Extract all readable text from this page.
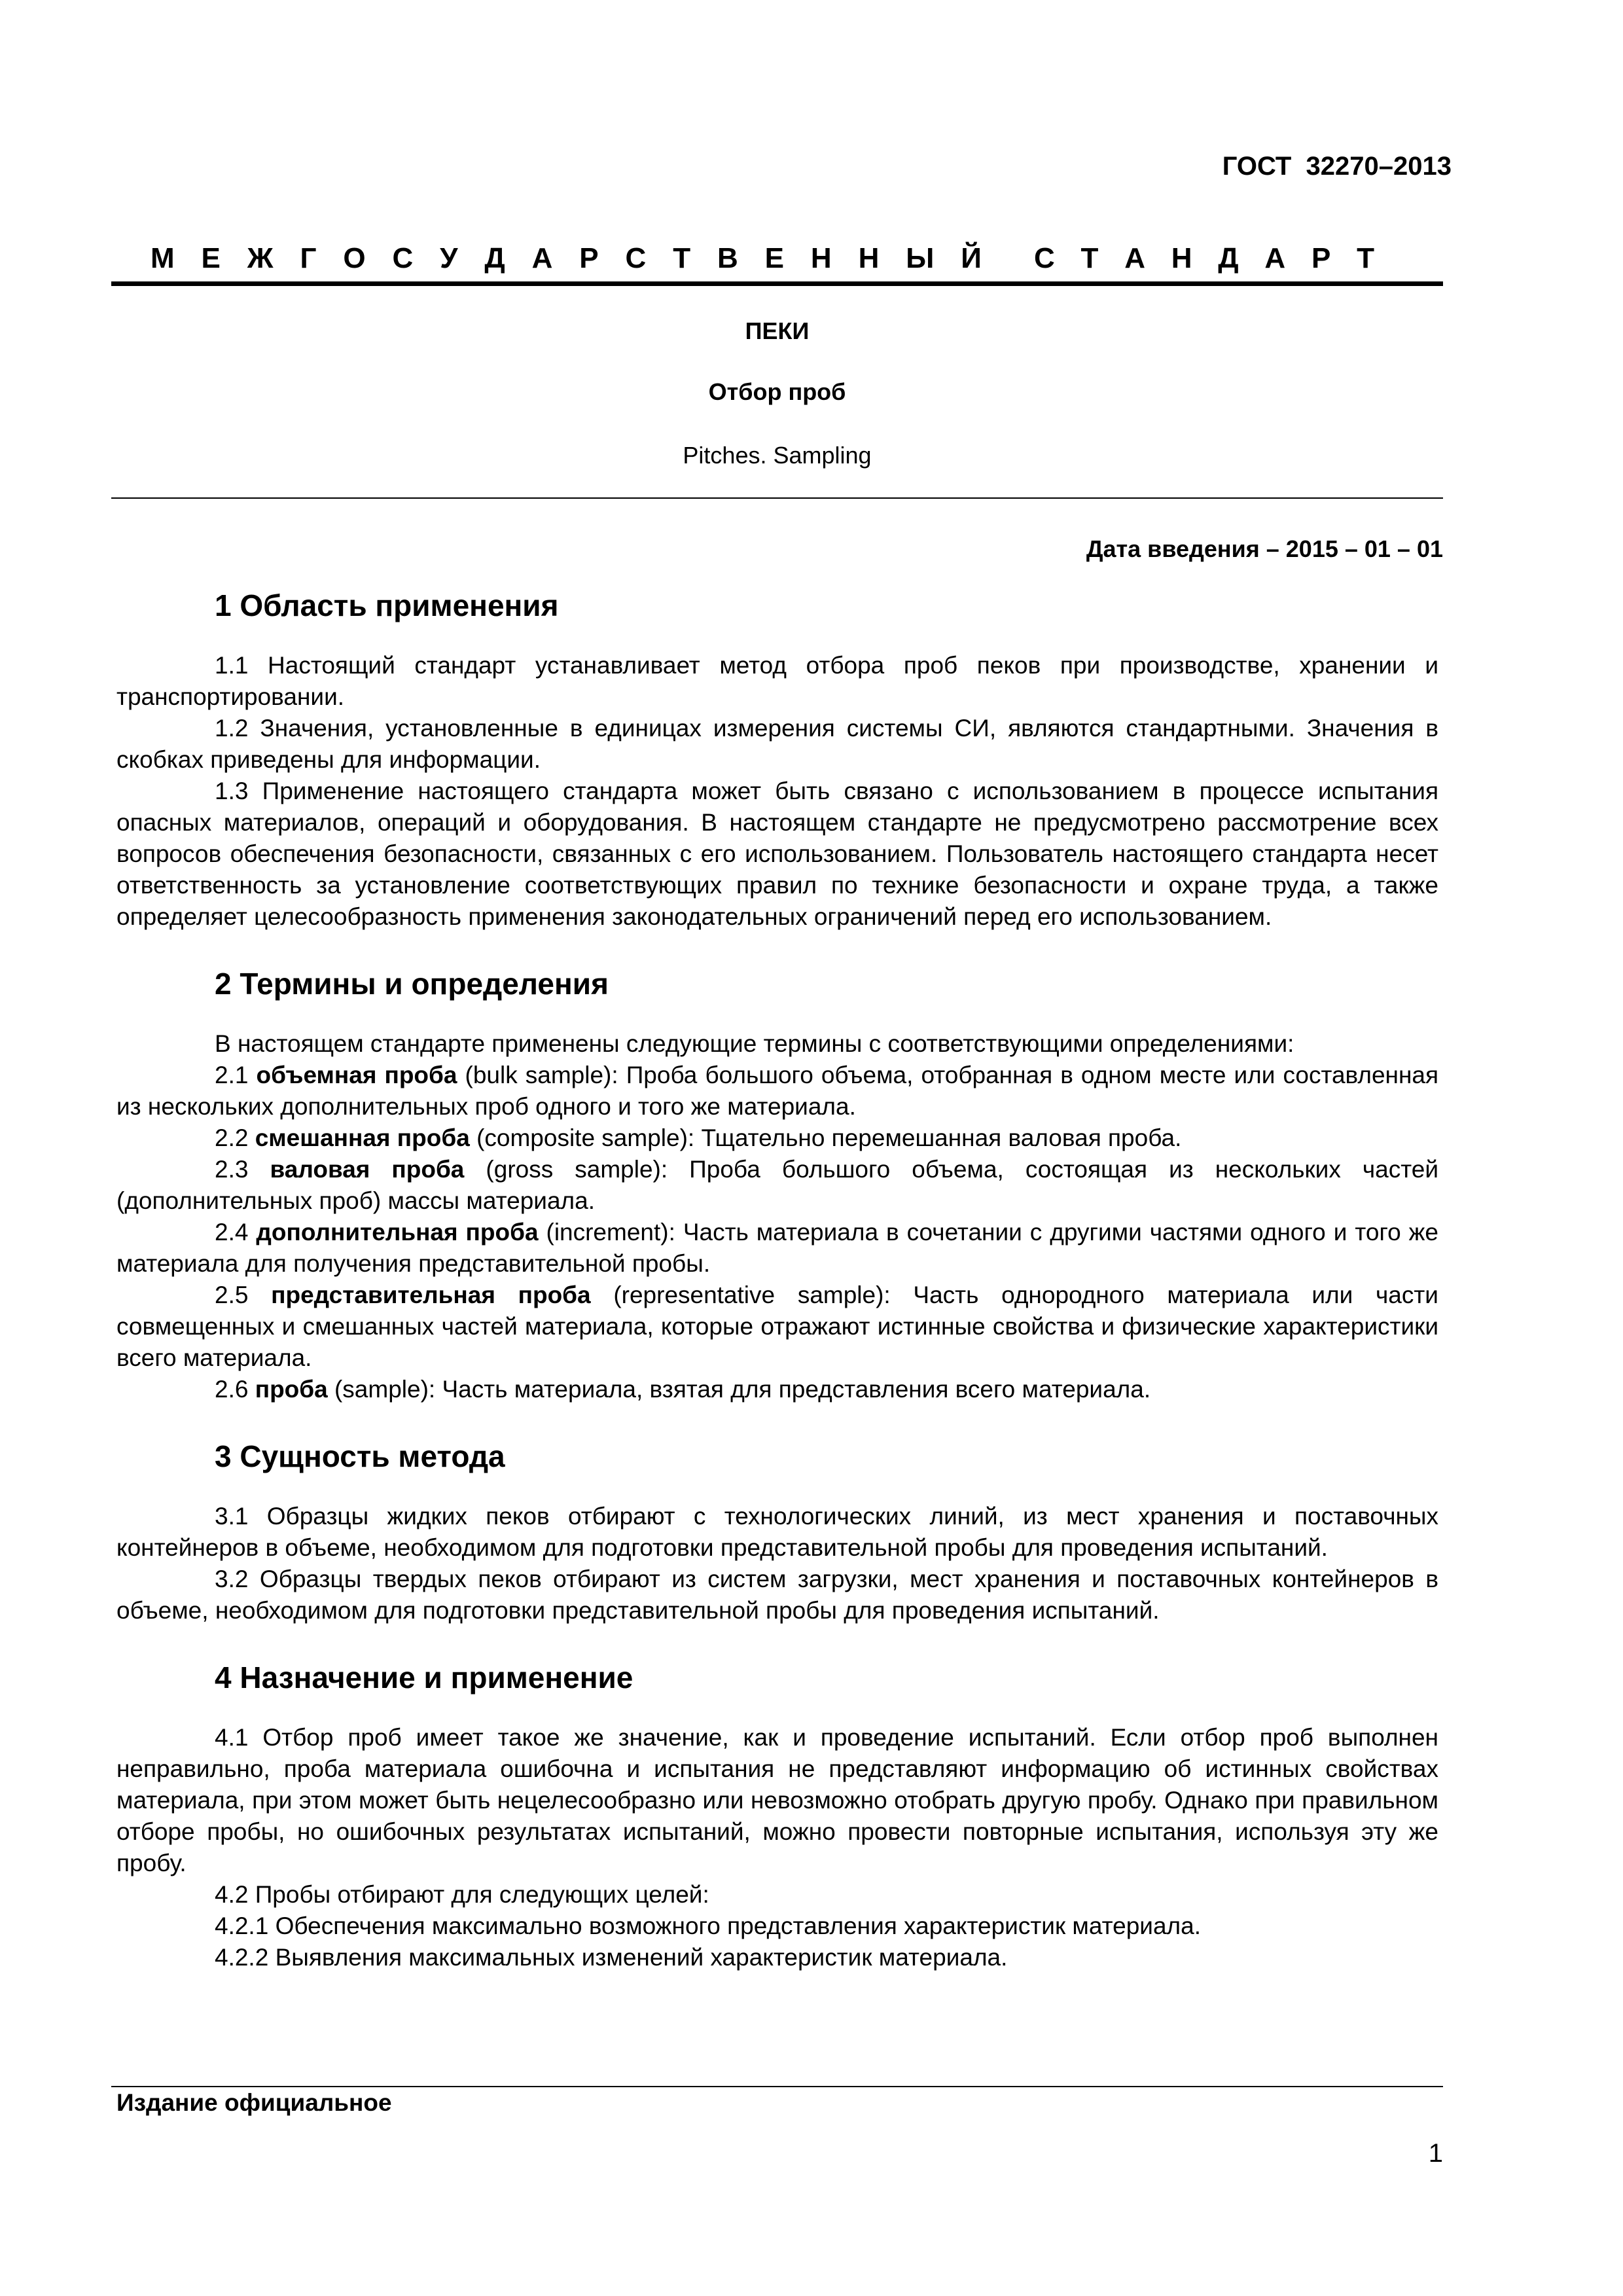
ГОСТ  32270–2013
М Е Ж Г О С У Д А Р С Т В Е Н Н Ы Й С Т А Н Д А Р Т
ПЕКИ
Отбор проб
Pitches. Sampling
Дата введения – 2015 – 01 – 01
1 Область применения

1.1 Настоящий стандарт устанавливает метод отбора проб пеков при производстве, хранении и транспортировании.

1.2 Значения, установленные в единицах измерения системы СИ, являются стандартными. Значения в скобках приведены для информации.

1.3 Применение настоящего стандарта может быть связано с использованием в процессе испытания опасных материалов, операций и оборудования. В настоящем стандарте не предусмотрено рассмотрение всех вопросов обеспечения безопасности, связанных с его использованием. Пользователь настоящего стандарта несет ответственность за установление соответствующих правил по технике безопасности и охране труда, а также определяет целесообразность применения законодательных ограничений перед его использованием.

2 Термины и определения

В настоящем стандарте применены следующие термины с соответствующими определениями:

2.1 объемная проба (bulk sample): Проба большого объема, отобранная в одном месте или составленная из нескольких дополнительных проб одного и того же материала.

2.2 смешанная проба (composite sample): Тщательно перемешанная валовая проба.

2.3 валовая проба (gross sample): Проба большого объема, состоящая из нескольких частей (дополнительных проб) массы материала.

2.4 дополнительная проба (increment): Часть материала в сочетании с другими частями одного и того же материала для получения представительной пробы.

2.5 представительная проба (representative sample): Часть однородного материала или части совмещенных и смешанных частей материала, которые отражают истинные свойства и физические характеристики всего материала.

2.6 проба (sample): Часть материала, взятая для представления всего материала.

3 Сущность метода

3.1 Образцы жидких пеков отбирают с технологических линий, из мест хранения и поставочных контейнеров в объеме, необходимом для подготовки представительной пробы для проведения испытаний.

3.2 Образцы твердых пеков отбирают из систем загрузки, мест хранения и поставочных контейнеров в объеме, необходимом для подготовки представительной пробы для проведения испытаний.

4 Назначение и применение

4.1 Отбор проб имеет такое же значение, как и проведение испытаний. Если отбор проб выполнен неправильно, проба материала ошибочна и испытания не представляют информацию об истинных свойствах материала, при этом может быть нецелесообразно или невозможно отобрать другую пробу. Однако при правильном отборе пробы, но ошибочных результатах испытаний, можно провести повторные испытания, используя эту же пробу.

4.2 Пробы отбирают для следующих целей:

4.2.1 Обеспечения максимально возможного представления характеристик материала.

4.2.2 Выявления максимальных изменений характеристик материала.

Издание официальное
1
